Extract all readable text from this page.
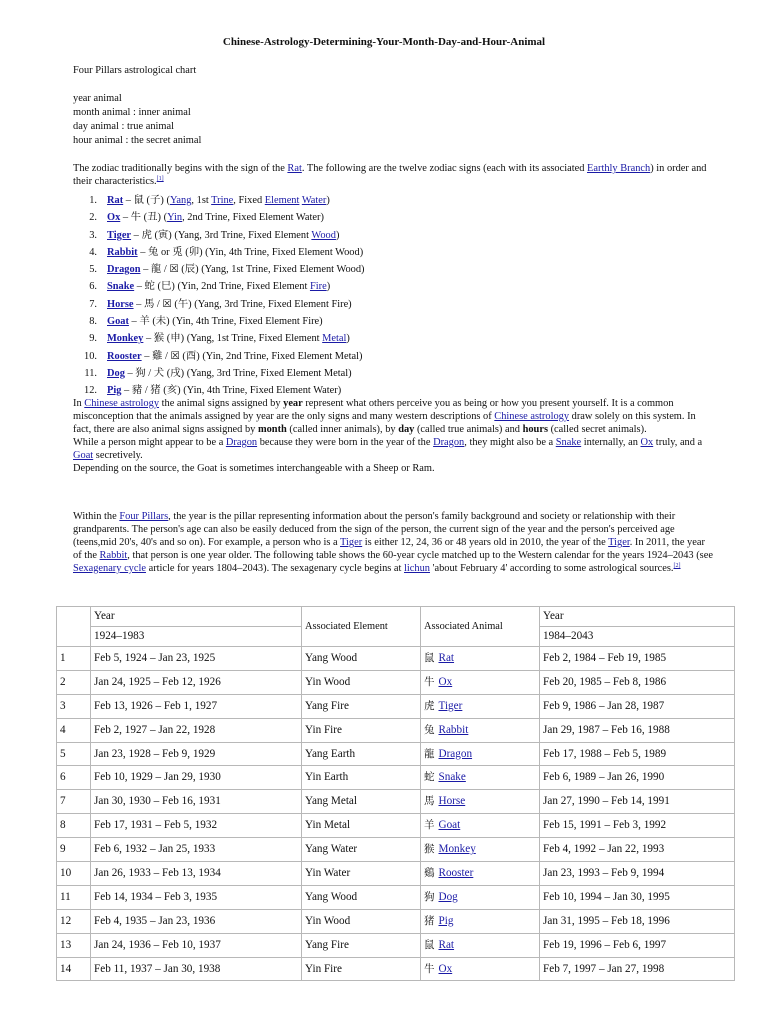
Chinese-Astrology-Determining-Your-Month-Day-and-Hour-Animal
Four Pillars astrological chart
year animal
month animal : inner animal
day animal : true animal
hour animal : the secret animal
The zodiac traditionally begins with the sign of the Rat. The following are the twelve zodiac signs (each with its associated Earthly Branch) in order and their characteristics.[1]
1. Rat – 鼠 (子) (Yang, 1st Trine, Fixed Element Water)
2. Ox – 牛 (丑) (Yin, 2nd Trine, Fixed Element Water)
3. Tiger – 虎 (寅) (Yang, 3rd Trine, Fixed Element Wood)
4. Rabbit – 兔 or 兎 (卯) (Yin, 4th Trine, Fixed Element Wood)
5. Dragon – 龍 / ☒ (辰) (Yang, 1st Trine, Fixed Element Wood)
6. Snake – 蛇 (巳) (Yin, 2nd Trine, Fixed Element Fire)
7. Horse – 馬 / ☒ (午) (Yang, 3rd Trine, Fixed Element Fire)
8. Goat – 羊 (未) (Yin, 4th Trine, Fixed Element Fire)
9. Monkey – 猴 (申) (Yang, 1st Trine, Fixed Element Metal)
10. Rooster – 雞 / ☒ (酉) (Yin, 2nd Trine, Fixed Element Metal)
11. Dog – 狗 / 犬 (戌) (Yang, 3rd Trine, Fixed Element Metal)
12. Pig – 豬 / 猪 (亥) (Yin, 4th Trine, Fixed Element Water)

In Chinese astrology the animal signs assigned by year represent what others perceive you as being or how you present yourself. It is a common misconception that the animals assigned by year are the only signs and many western descriptions of Chinese astrology draw solely on this system. In fact, there are also animal signs assigned by month (called inner animals), by day (called true animals) and hours (called secret animals).

While a person might appear to be a Dragon because they were born in the year of the Dragon, they might also be a Snake internally, an Ox truly, and a Goat secretively.

Depending on the source, the Goat is sometimes interchangeable with a Sheep or Ram.

Within the Four Pillars, the year is the pillar representing information about the person's family background and society or relationship with their grandparents. The person's age can also be easily deduced from the sign of the person, the current sign of the year and the person's perceived age (teens,mid 20's, 40's and so on). For example, a person who is a Tiger is either 12, 24, 36 or 48 years old in 2010, the year of the Tiger. In 2011, the year of the Rabbit, that person is one year older. The following table shows the 60-year cycle matched up to the Western calendar for the years 1924–2043 (see Sexagenary cycle article for years 1804–2043). The sexagenary cycle begins at lichun 'about February 4' according to some astrological sources.[2]

	Year	Associated Element	Associated Animal	Year
	1924–1983			1984–2043
1	Feb 5, 1924 – Jan 23, 1925	Yang Wood	鼠 Rat	Feb 2, 1984 – Feb 19, 1985
2	Jan 24, 1925 – Feb 12, 1926	Yin Wood	牛 Ox	Feb 20, 1985 – Feb 8, 1986
3	Feb 13, 1926 – Feb 1, 1927	Yang Fire	虎 Tiger	Feb 9, 1986 – Jan 28, 1987
4	Feb 2, 1927 – Jan 22, 1928	Yin Fire	兔 Rabbit	Jan 29, 1987 – Feb 16, 1988
5	Jan 23, 1928 – Feb 9, 1929	Yang Earth	龍 Dragon	Feb 17, 1988 – Feb 5, 1989
6	Feb 10, 1929 – Jan 29, 1930	Yin Earth	蛇 Snake	Feb 6, 1989 – Jan 26, 1990
7	Jan 30, 1930 – Feb 16, 1931	Yang Metal	馬 Horse	Jan 27, 1990 – Feb 14, 1991
8	Feb 17, 1931 – Feb 5, 1932	Yin Metal	羊 Goat	Feb 15, 1991 – Feb 3, 1992
9	Feb 6, 1932 – Jan 25, 1933	Yang Water	猴 Monkey	Feb 4, 1992 – Jan 22, 1993
10	Jan 26, 1933 – Feb 13, 1934	Yin Water	鷄 Rooster	Jan 23, 1993 – Feb 9, 1994
11	Feb 14, 1934 – Feb 3, 1935	Yang Wood	狗 Dog	Feb 10, 1994 – Jan 30, 1995
12	Feb 4, 1935 – Jan 23, 1936	Yin Wood	猪 Pig	Jan 31, 1995 – Feb 18, 1996
13	Jan 24, 1936 – Feb 10, 1937	Yang Fire	鼠 Rat	Feb 19, 1996 – Feb 6, 1997
14	Feb 11, 1937 – Jan 30, 1938	Yin Fire	牛 Ox	Feb 7, 1997 – Jan 27, 1998
